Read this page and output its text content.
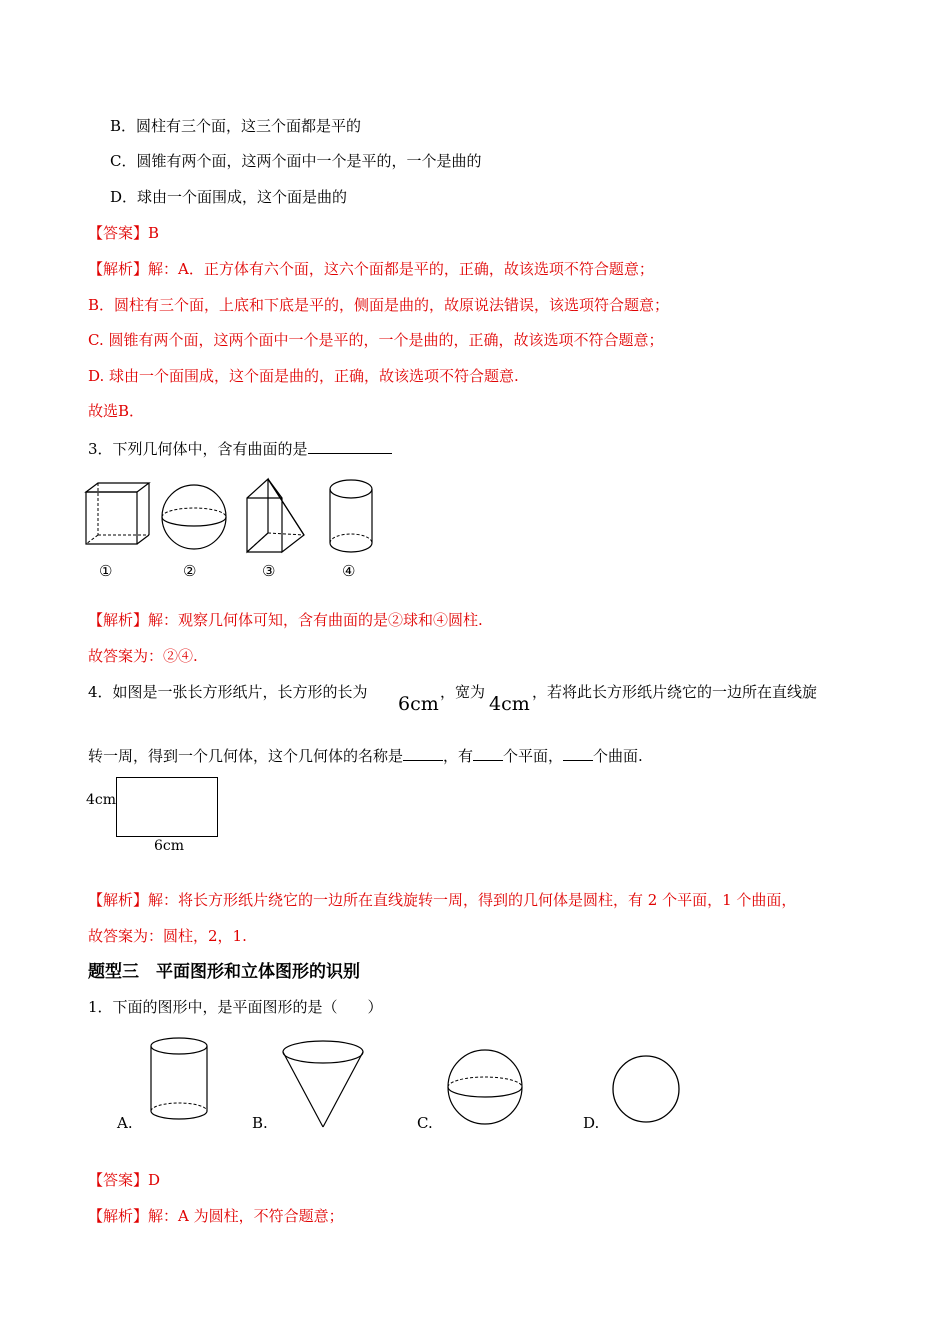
B．圆柱有三个面，这三个面都是平的
C．圆锥有两个面，这两个面中一个是平的，一个是曲的
D．球由一个面围成，这个面是曲的
【答案】B
【解析】解：A．正方体有六个面，这六个面都是平的，正确，故该选项不符合题意；
B．圆柱有三个面，上底和下底是平的，侧面是曲的，故原说法错误，该选项符合题意；
C. 圆锥有两个面，这两个面中一个是平的，一个是曲的，正确，故该选项不符合题意；
D. 球由一个面围成，这个面是曲的，正确，故该选项不符合题意.
故选B．
3．下列几何体中，含有曲面的是
①	②	③	④
【解析】解：观察几何体可知，含有曲面的是②球和④圆柱.
故答案为：②④.
4．如图是一张长方形纸片，长方形的长为
6cm
，宽为
4cm
，若将此长方形纸片绕它的一边所在直线旋
转一周，得到一个几何体，这个几何体的名称是	，有 个平面， 个曲面.
4cm
6cm
【解析】解：将长方形纸片绕它的一边所在直线旋转一周，得到的几何体是圆柱，有 2 个平面，1 个曲面，
故答案为：圆柱，2，1.
题型三　平面图形和立体图形的识别
1．下面的图形中，是平面图形的是（　　）
A.	B.	C.	D.
【答案】D
【解析】解：A 为圆柱，不符合题意；
